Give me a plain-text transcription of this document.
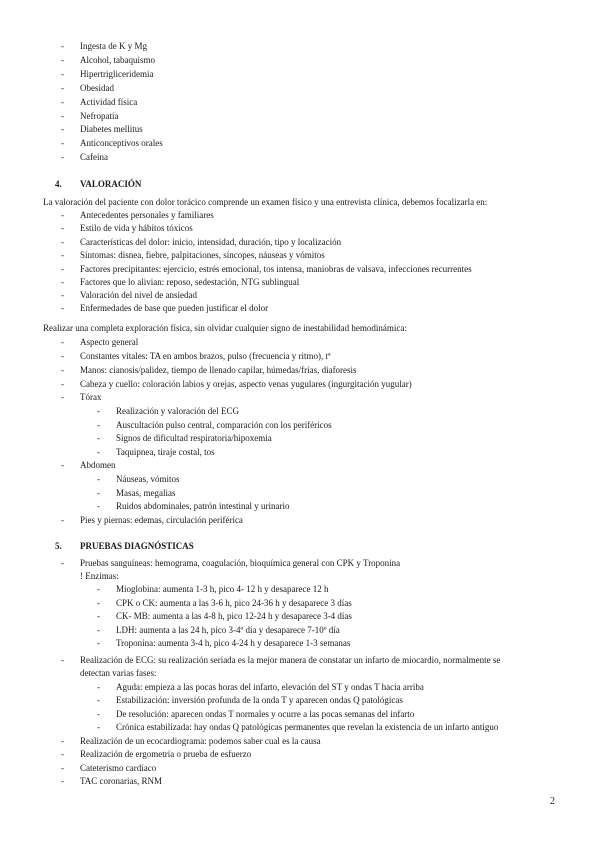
- Ingesta de K y Mg
- Alcohol, tabaquismo
- Hipertrigliceridemia
- Obesidad
- Actividad física
- Nefropatía
- Diabetes mellitus
- Anticonceptivos orales
- Cafeína
4. VALORACIÓN
La valoración del paciente con dolor torácico comprende un examen físico y una entrevista clínica, debemos focalizarla en:
- Antecedentes personales y familiares
- Estilo de vida y hábitos tóxicos
- Características del dolor: inicio, intensidad, duración, tipo y localización
- Síntomas: disnea, fiebre, palpitaciones, síncopes, náuseas y vómitos
- Factores precipitantes: ejercicio, estrés emocional, tos intensa, maniobras de valsava, infecciones recurrentes
- Factores que lo alivian: reposo, sedestación, NTG sublingual
- Valoración del nivel de ansiedad
- Enfermedades de base que pueden justificar el dolor
Realizar una completa exploración física, sin olvidar cualquier signo de inestabilidad hemodinámica:
- Aspecto general
- Constantes vitales: TA en ambos brazos, pulso (frecuencia y ritmo), tª
- Manos: cianosis/palidez, tiempo de llenado capilar, húmedas/frías, diaforesis
- Cabeza y cuello: coloración labios y orejas, aspecto venas yugulares (ingurgitación yugular)
- Tórax
- Realización y valoración del ECG
- Auscultación pulso central, comparación con los periféricos
- Signos de dificultad respiratoria/hipoxemia
- Taquipnea, tiraje costal, tos
- Abdomen
- Náuseas, vómitos
- Masas, megalias
- Ruidos abdominales, patrón intestinal y urinario
- Pies y piernas: edemas, circulación periférica
5. PRUEBAS DIAGNÓSTICAS
- Pruebas sanguíneas: hemograma, coagulación, bioquímica general con CPK y Troponina
! Enzimas:
- Mioglobina: aumenta 1-3 h, pico 4- 12 h y desaparece 12 h
- CPK o CK: aumenta a las 3-6 h, pico 24-36 h y desaparece 3 días
- CK- MB: aumenta a las 4-8 h, pico 12-24 h y desaparece 3-4 días
- LDH: aumenta a las 24 h, pico 3-4º día y desaparece 7-10º día
- Troponina: aumenta 3-4 h, pico 4-24 h y desaparece 1-3 semanas
- Realización de ECG: su realización seriada es la mejor manera de constatar un infarto de miocardio, normalmente se
detectan varias fases:
- Aguda: empieza a las pocas horas del infarto, elevación del ST y ondas T hacia arriba
- Estabilización: inversión profunda de la onda T y aparecen ondas Q patológicas
- De resolución: aparecen ondas T normales y ocurre a las pocas semanas del infarto
- Crónica estabilizada: hay ondas Q patológicas permanentes que revelan la existencia de un infarto antiguo
- Realización de un ecocardiograma: podemos saber cual es la causa
- Realización de ergometría o prueba de esfuerzo
- Cateterismo cardíaco
- TAC coronarias, RNM
2
